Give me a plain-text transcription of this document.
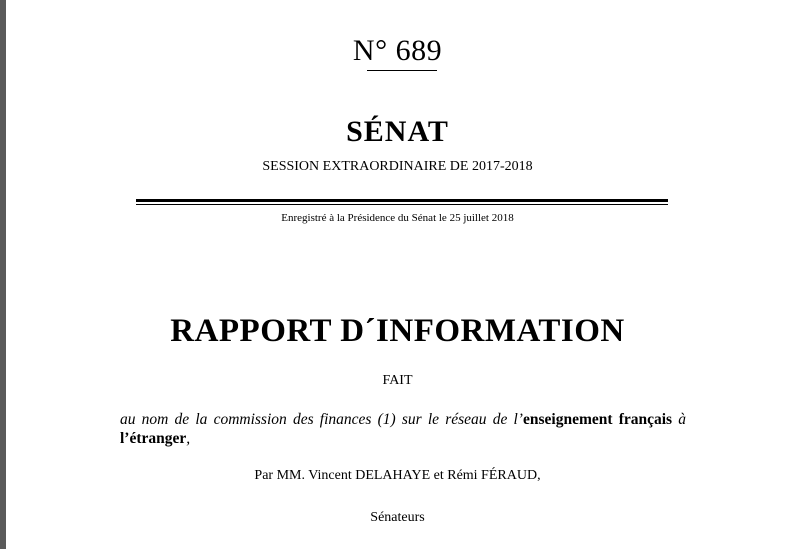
N° 689
SÉNAT
SESSION EXTRAORDINAIRE DE 2017-2018
Enregistré à la Présidence du Sénat le 25 juillet 2018
RAPPORT D´INFORMATION
FAIT
au nom de la commission des finances (1) sur le réseau de l’enseignement français à l’étranger,
Par MM. Vincent DELAHAYE et Rémi FÉRAUD,
Sénateurs
